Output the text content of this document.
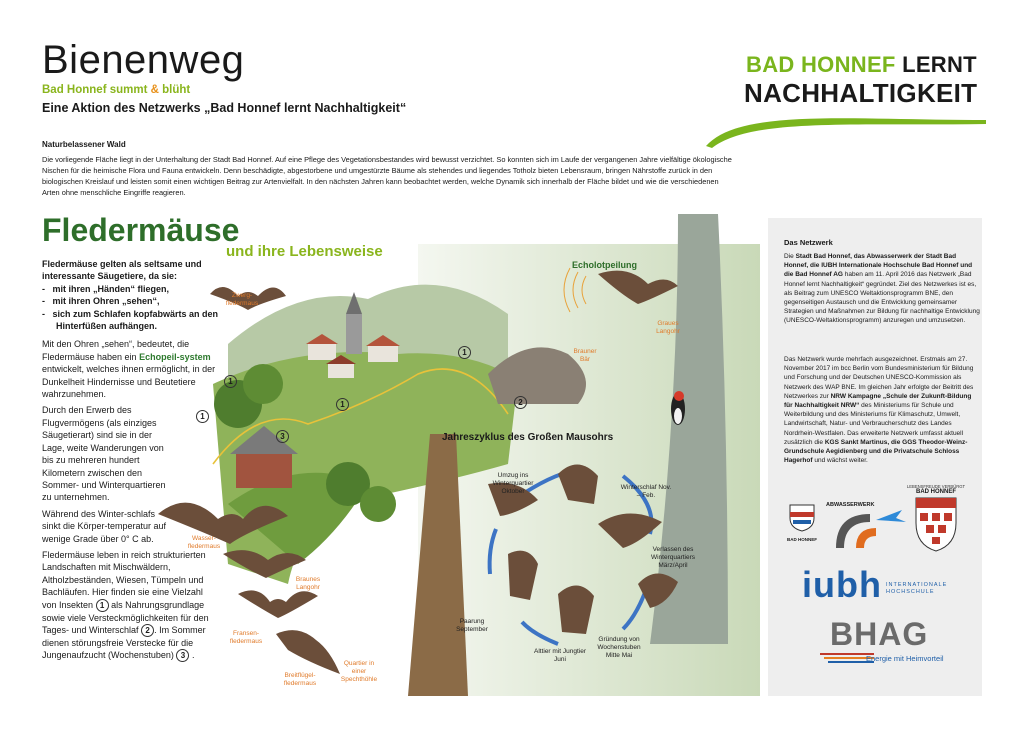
Bienenweg
Bad Honnef summt & blüht
Eine Aktion des Netzwerks „Bad Honnef lernt Nachhaltigkeit“
BAD HONNEF LERNT
NACHHALTIGKEIT
Naturbelassener Wald
Die vorliegende Fläche liegt in der Unterhaltung der Stadt Bad Honnef. Auf eine Pflege des Vegetationsbestandes wird bewusst verzichtet. So konnten sich im Laufe der vergangenen Jahre vielfältige ökologische Nischen für die heimische Flora und Fauna entwickeln. Denn beschädigte, abgestorbene und umgestürzte Bäume als stehendes und liegendes Totholz bieten Lebensraum, bringen Nährstoffe zurück in den biologischen Kreislauf und leisten somit einen wichtigen Beitrag zur Artenvielfalt. In den nächsten Jahren kann beobachtet werden, welche Dynamik sich innerhalb der Fläche bildet und wie die verschiedenen Arten ohne menschliche Eingriffe reagieren.
Fledermäuse
und ihre Lebensweise
Fledermäuse gelten als seltsame und interessante Säugetiere, da sie:
-   mit ihren „Händen“ fliegen,
-   mit ihren Ohren „sehen“,
-   sich zum Schlafen kopfabwärts an den Hinterfüßen aufhängen.
Mit den Ohren „sehen“, bedeutet, die Fledermäuse haben ein Echopeil-system entwickelt, welches ihnen ermöglicht, in der Dunkelheit Hindernisse und Beutetiere wahrzunehmen.
Durch den Erwerb des Flugvermögens (als einziges Säugetierart) sind sie in der Lage, weite Wanderungen von bis zu mehreren hundert Kilometern zwischen den Sommer- und Winterquartieren zu unternehmen.
Während des Winter-schlafs sinkt die Körper-temperatur auf wenige Grade über 0° C ab.
Fledermäuse leben in reich strukturierten Landschaften mit Mischwäldern, Altholzbeständen, Wiesen, Tümpeln und Bachläufen. Hier finden sie eine Vielzahl von Insekten 1 als Nahrungsgrundlage sowie viele Versteckmöglichkeiten für den Tages- und Winterschlaf 2 . Im Sommer dienen störungsfreie Verstecke für die Jungenaufzucht (Wochenstuben) 3 .
Echolotpeilung
Jahreszyklus des Großen Mausohrs
1
1
1
1
2
3
Zwerg-fledermaus
Graues Langohr
Brauner Bär
Wasser-fledermaus
Braunes Langohr
Fransen-fledermaus
Breitflügel-fledermaus
Quartier in einer Spechthöhle
Umzug ins Winterquartier Oktober
Winterschlaf Nov. – Feb.
Verlassen des Winterquartiers März/April
Gründung von Wochenstuben Mitte Mai
Alttier mit Jungtier Juni
Paarung September
Das Netzwerk
Die Stadt Bad Honnef, das Abwasserwerk der Stadt Bad Honnef, die IUBH Internationale Hochschule Bad Honnef und die Bad Honnef AG haben am 11. April 2016 das Netzwerk „Bad Honnef lernt Nachhaltigkeit“ gegründet. Ziel des Netzwerkes ist es, als Beitrag zum UNESCO Weltaktionsprogramm BNE, den gegenseitigen Austausch und die Entwicklung gemeinsamer Strategien und Maßnahmen zur Bildung für nachhaltige Entwicklung (UNESCO-Weltaktionsprogramm) anzuregen und umzusetzen.
Das Netzwerk wurde mehrfach ausgezeichnet. Erstmals am 27. November 2017 im bcc Berlin vom Bundesministerium für Bildung und Forschung und der Deutschen UNESCO-Kommission als Netzwerk des WAP BNE. Im gleichen Jahr erfolgte der Beitritt des Netzwerkes zur NRW Kampagne „Schule der Zukunft-Bildung für Nachhaltigkeit NRW“ des Ministeriums für Schule und Weiterbildung und des Ministeriums für Klimaschutz, Umwelt, Landwirtschaft, Natur- und Verbraucherschutz des Landes Nordrhein-Westfalen. Das erweiterte Netzwerk umfasst aktuell zusätzlich die KGS Sankt Martinus, die GGS Theodor-Weinz-Grundschule Aegidienberg und die Privatschule Schloss Hagerhof und wächst weiter.
BAD HONNEF
ABWASSERWERK
LEBENSFREUDE VERBÜRGT
BAD HONNEF
iubh INTERNATIONALE
HOCHSCHULE
BHAG
Energie mit Heimvorteil
